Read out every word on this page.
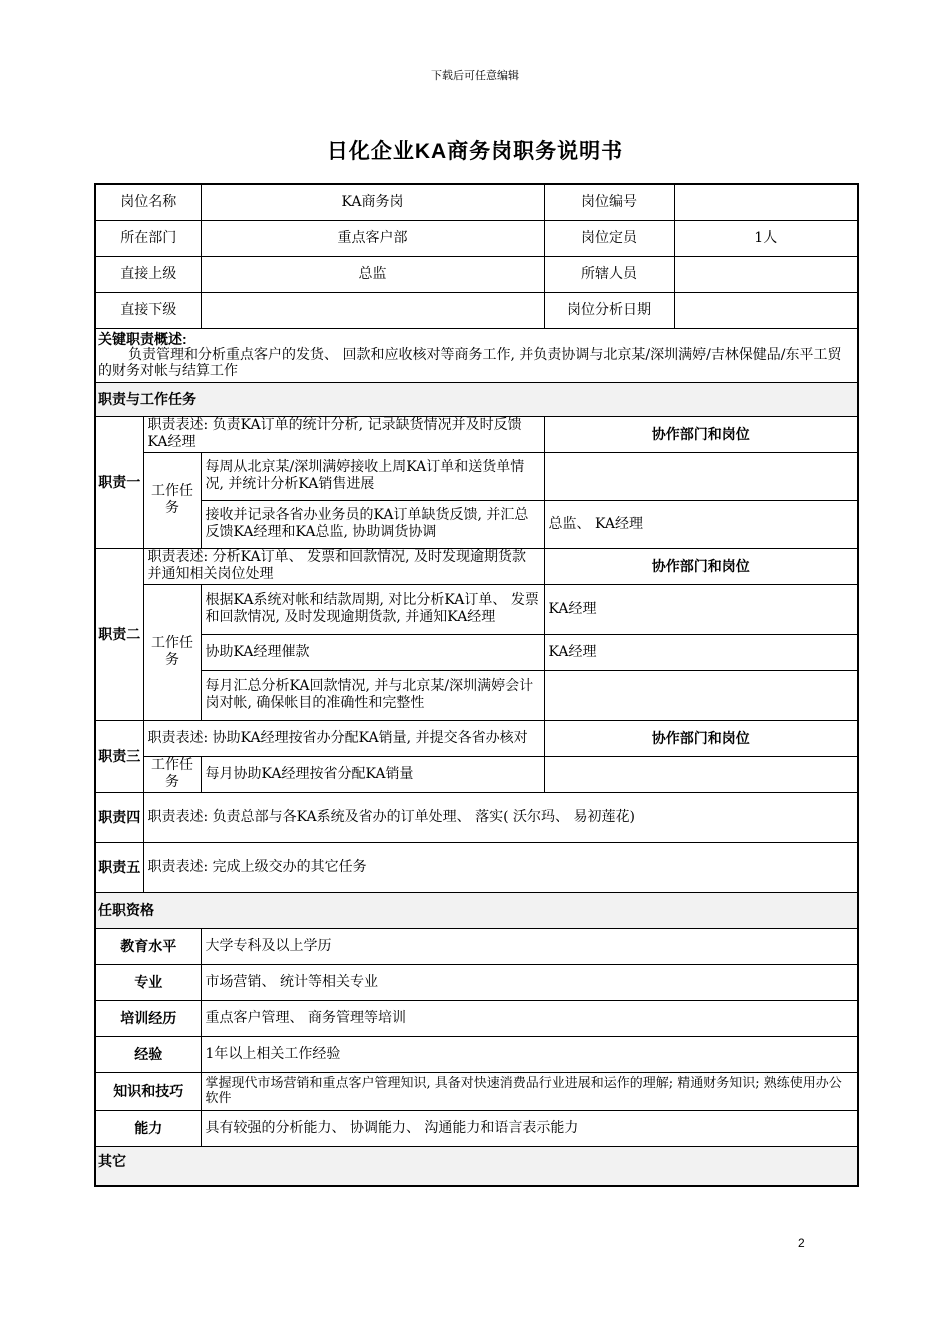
下载后可任意编辑
日化企业KA商务岗职务说明书
岗位名称		KA商务岗	岗位编号	
所在部门		重点客户部	岗位定员	1人
直接上级		总监	所辖人员	
直接下级			岗位分析日期	

关键职责概述:
负责管理和分析重点客户的发货、 回款和应收核对等商务工作, 并负责协调与北京某/深圳满婷/吉林保健品/东平工贸的财务对帐与结算工作				

职责与工作任务				
职责一	职责表述: 负责KA订单的统计分析, 记录缺货情况并及时反馈KA经理		协作部门和岗位	
	工作任务	每周从北京某/深圳满婷接收上周KA订单和送货单情况, 并统计分析KA销售进展		
		接收并记录各省办业务员的KA订单缺货反馈, 并汇总反馈KA经理和KA总监, 协助调货协调	总监、 KA经理	
职责二	职责表述: 分析KA订单、 发票和回款情况, 及时发现逾期货款并通知相关岗位处理		协作部门和岗位	
	工作任务	根据KA系统对帐和结款周期, 对比分析KA订单、 发票和回款情况, 及时发现逾期货款, 并通知KA经理	KA经理	
		协助KA经理催款	KA经理	
		每月汇总分析KA回款情况, 并与北京某/深圳满婷会计岗对帐, 确保帐目的准确性和完整性		
职责三	职责表述: 协助KA经理按省办分配KA销量, 并提交各省办核对		协作部门和岗位	
	工作任务	每月协助KA经理按省分配KA销量		
职责四	职责表述: 负责总部与各KA系统及省办的订单处理、 落实( 沃尔玛、 易初莲花)			
职责五	职责表述: 完成上级交办的其它任务			
任职资格				
教育水平		大学专科及以上学历		
专业		市场营销、 统计等相关专业		
培训经历		重点客户管理、 商务管理等培训		
经验		1年以上相关工作经验		
知识和技巧		掌握现代市场营销和重点客户管理知识, 具备对快速消费品行业进展和运作的理解; 精通财务知识; 熟练使用办公软件		
能力		具有较强的分析能力、 协调能力、 沟通能力和语言表示能力		
其它				
2
